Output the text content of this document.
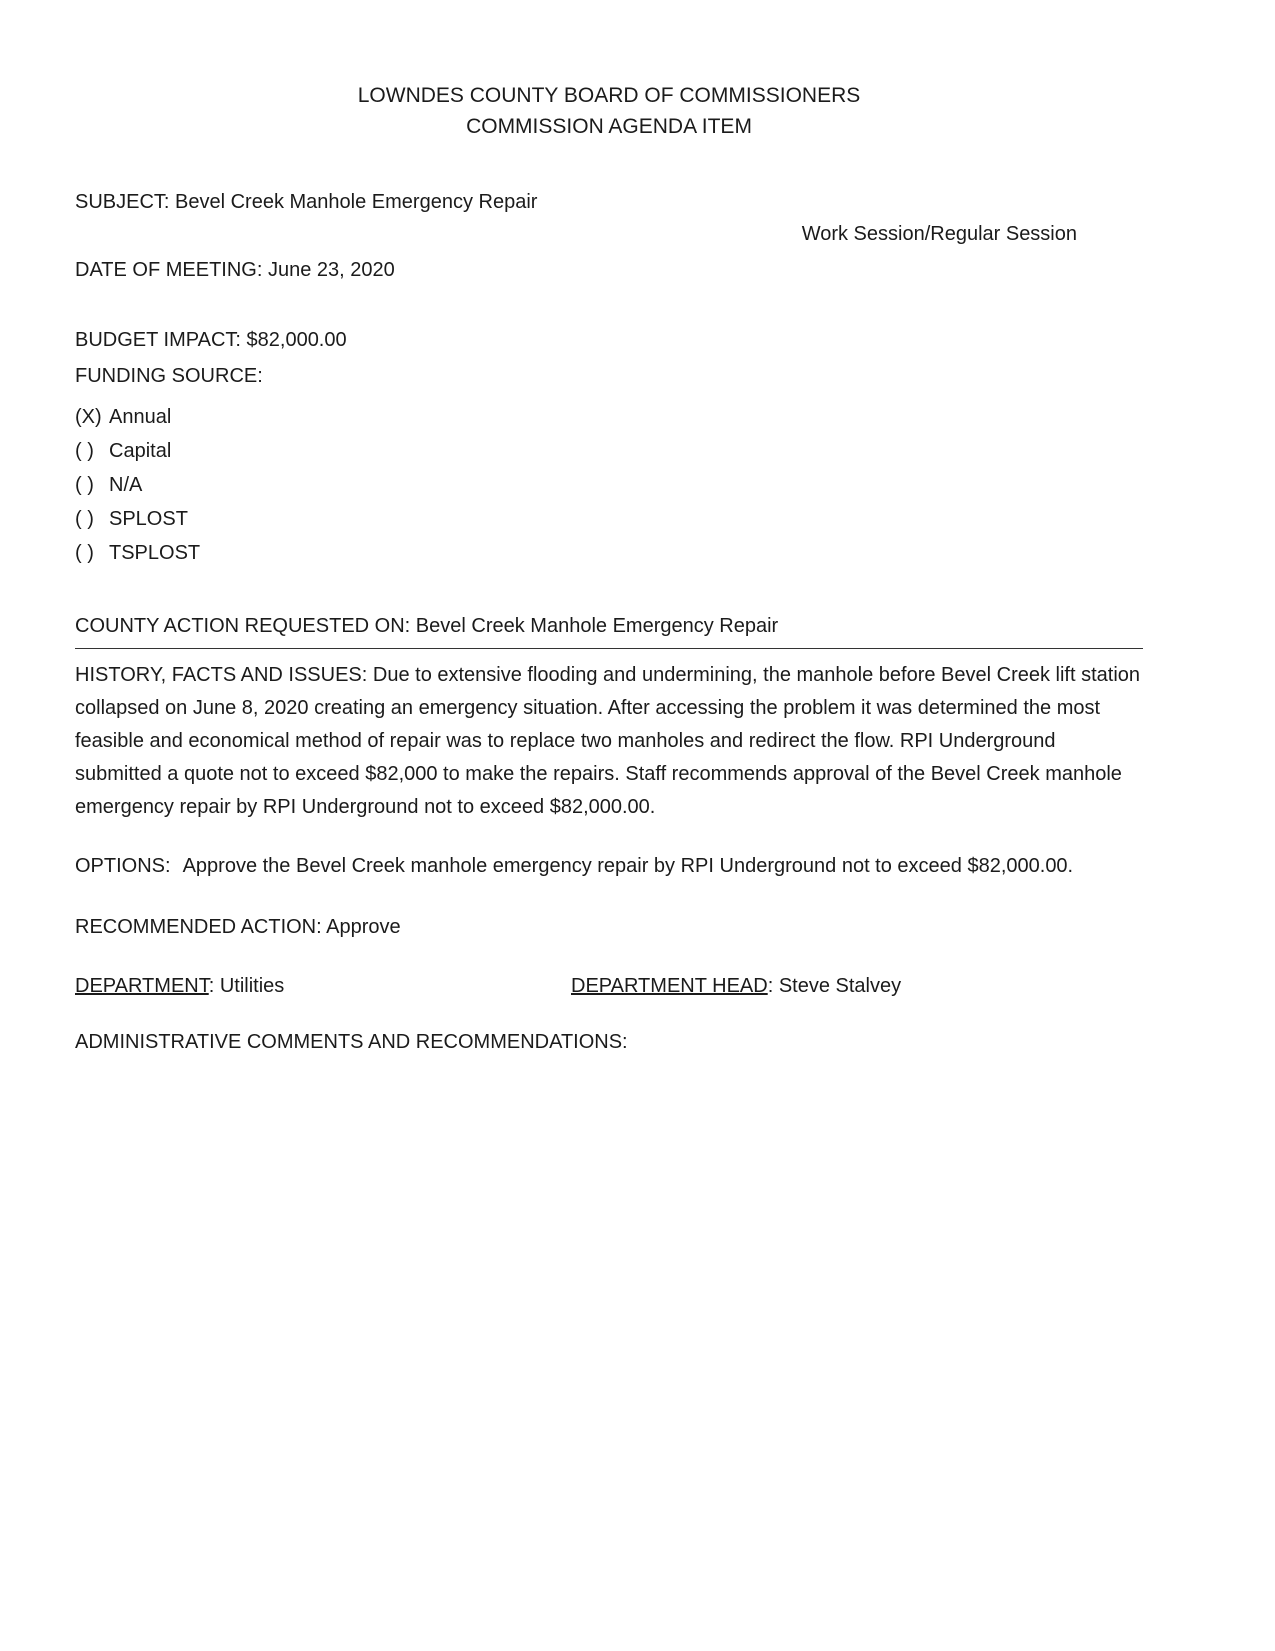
LOWNDES COUNTY BOARD OF COMMISSIONERS
COMMISSION AGENDA ITEM
SUBJECT: Bevel Creek Manhole Emergency Repair
Work Session/Regular Session
DATE OF MEETING: June 23, 2020
BUDGET IMPACT: $82,000.00
FUNDING SOURCE:
(X) Annual
( ) Capital
( ) N/A
( ) SPLOST
( ) TSPLOST
COUNTY ACTION REQUESTED ON: Bevel Creek Manhole Emergency Repair

HISTORY, FACTS AND ISSUES: Due to extensive flooding and undermining, the manhole before Bevel Creek lift station collapsed on June 8, 2020 creating an emergency situation. After accessing the problem it was determined the most feasible and economical method of repair was to replace two manholes and redirect the flow. RPI Underground submitted a quote not to exceed $82,000 to make the repairs. Staff recommends approval of the Bevel Creek manhole emergency repair by RPI Underground not to exceed $82,000.00.

OPTIONS: Approve the Bevel Creek manhole emergency repair by RPI Underground not to exceed $82,000.00.

RECOMMENDED ACTION: Approve
DEPARTMENT: Utilities	DEPARTMENT HEAD: Steve Stalvey
ADMINISTRATIVE COMMENTS AND RECOMMENDATIONS:
